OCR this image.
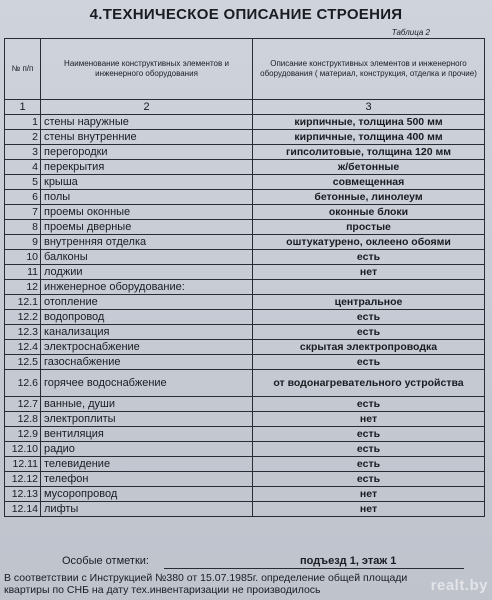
4.ТЕХНИЧЕСКОЕ ОПИСАНИЕ СТРОЕНИЯ
Таблица 2
№ п/п	Наименование конструктивных элементов и инженерного оборудования	Описание конструктивных элементов и инженерного оборудования ( материал, конструкция, отделка и прочие)
1	2	3
1	стены наружные	кирпичные, толщина 500 мм
2	стены внутренние	кирпичные, толщина 400 мм
3	перегородки	гипсолитовые, толщина 120 мм
4	перекрытия	ж/бетонные
5	крыша	совмещенная
6	полы	бетонные, линолеум
7	проемы оконные	оконные блоки
8	проемы дверные	простые
9	внутренняя отделка	оштукатурено, оклеено обоями
10	балконы	есть
11	лоджии	нет
12	инженерное оборудование:	
12.1	отопление	центральное
12.2	водопровод	есть
12.3	канализация	есть
12.4	электроснабжение	скрытая электропроводка
12.5	газоснабжение	есть
12.6	горячее водоснабжение	от водонагревательного устройства
12.7	ванные, души	есть
12.8	электроплиты	нет
12.9	вентиляция	есть
12.10	радио	есть
12.11	телевидение	есть
12.12	телефон	есть
12.13	мусоропровод	нет
12.14	лифты	нет
Особые отметки:	подъезд 1, этаж 1
В соответствии с Инструкцией №380 от 15.07.1985г. определение общей площади
квартиры по СНБ на дату тех.инвентаризации не производилось	realt.by
